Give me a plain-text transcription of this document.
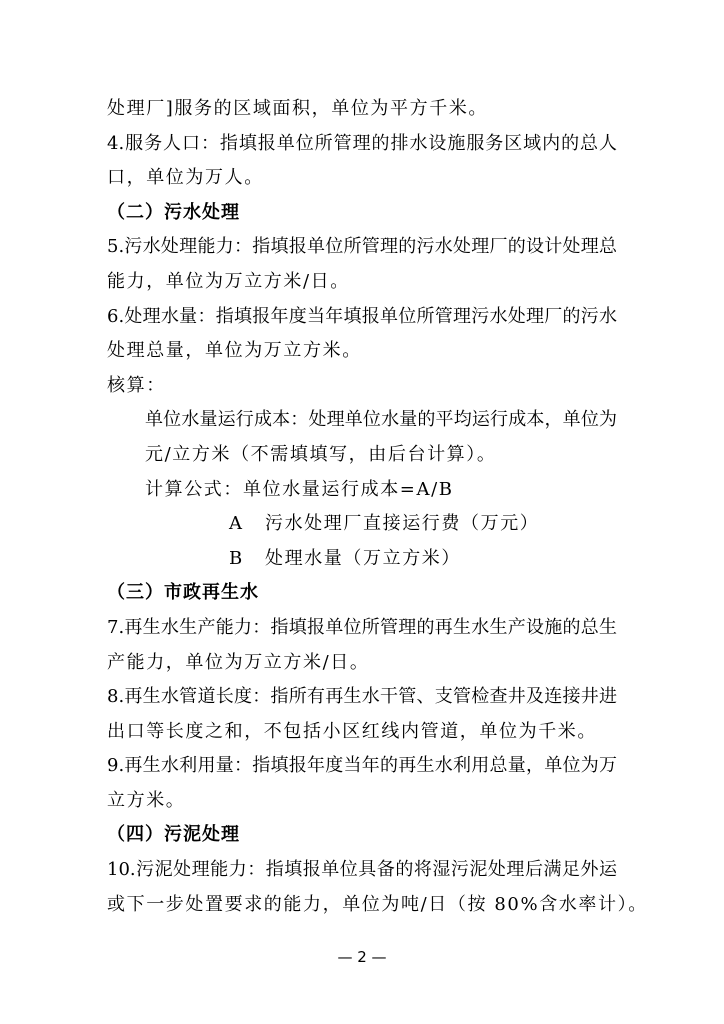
处理厂]服务的区域面积，单位为平方千米。
4.服务人口：指填报单位所管理的排水设施服务区域内的总人
口，单位为万人。
（二）污水处理
5.污水处理能力：指填报单位所管理的污水处理厂的设计处理总
能力，单位为万立方米/日。
6.处理水量：指填报年度当年填报单位所管理污水处理厂的污水
处理总量，单位为万立方米。
核算：
单位水量运行成本：处理单位水量的平均运行成本，单位为
元/立方米（不需填填写，由后台计算）。
计算公式：单位水量运行成本=A/B
A 污水处理厂直接运行费（万元）
B 处理水量（万立方米）
（三）市政再生水
7.再生水生产能力：指填报单位所管理的再生水生产设施的总生
产能力，单位为万立方米/日。
8.再生水管道长度：指所有再生水干管、支管检查井及连接井进
出口等长度之和，不包括小区红线内管道，单位为千米。
9.再生水利用量：指填报年度当年的再生水利用总量，单位为万
立方米。
（四）污泥处理
10.污泥处理能力：指填报单位具备的将湿污泥处理后满足外运
或下一步处置要求的能力，单位为吨/日（按 80%含水率计）。
— 2 —
